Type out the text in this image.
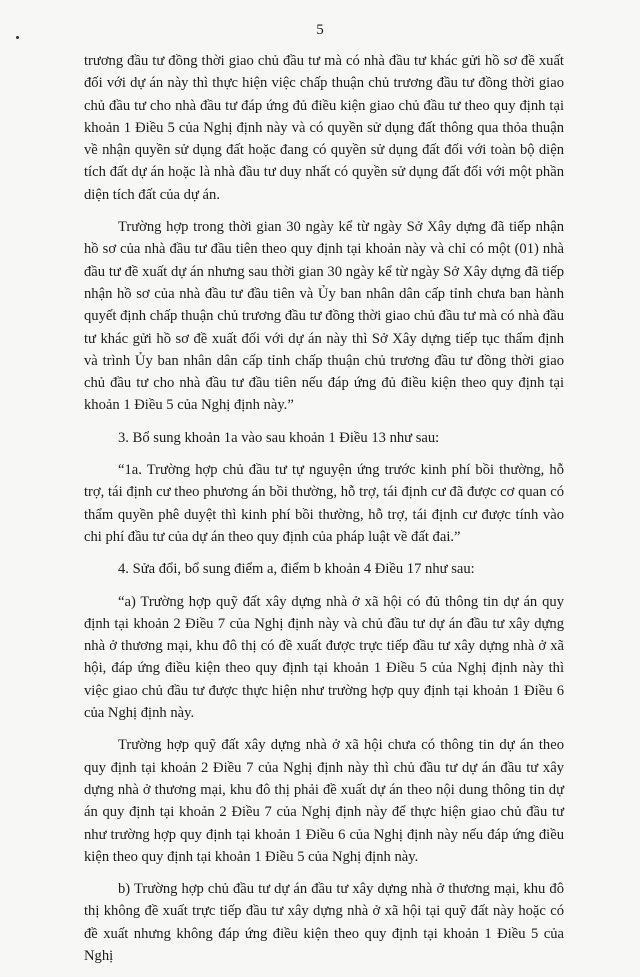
5

trương đầu tư đồng thời giao chủ đầu tư mà có nhà đầu tư khác gửi hồ sơ đề xuất đối với dự án này thì thực hiện việc chấp thuận chủ trương đầu tư đồng thời giao chủ đầu tư cho nhà đầu tư đáp ứng đủ điều kiện giao chủ đầu tư theo quy định tại khoản 1 Điều 5 của Nghị định này và có quyền sử dụng đất thông qua thỏa thuận về nhận quyền sử dụng đất hoặc đang có quyền sử dụng đất đối với toàn bộ diện tích đất dự án hoặc là nhà đầu tư duy nhất có quyền sử dụng đất đối với một phần diện tích đất của dự án.

Trường hợp trong thời gian 30 ngày kể từ ngày Sở Xây dựng đã tiếp nhận hồ sơ của nhà đầu tư đầu tiên theo quy định tại khoản này và chỉ có một (01) nhà đầu tư đề xuất dự án nhưng sau thời gian 30 ngày kể từ ngày Sở Xây dựng đã tiếp nhận hồ sơ của nhà đầu tư đầu tiên và Ủy ban nhân dân cấp tỉnh chưa ban hành quyết định chấp thuận chủ trương đầu tư đồng thời giao chủ đầu tư mà có nhà đầu tư khác gửi hồ sơ đề xuất đối với dự án này thì Sở Xây dựng tiếp tục thẩm định và trình Ủy ban nhân dân cấp tỉnh chấp thuận chủ trương đầu tư đồng thời giao chủ đầu tư cho nhà đầu tư đầu tiên nếu đáp ứng đủ điều kiện theo quy định tại khoản 1 Điều 5 của Nghị định này.”

3. Bổ sung khoản 1a vào sau khoản 1 Điều 13 như sau:

“1a. Trường hợp chủ đầu tư tự nguyện ứng trước kinh phí bồi thường, hỗ trợ, tái định cư theo phương án bồi thường, hỗ trợ, tái định cư đã được cơ quan có thẩm quyền phê duyệt thì kinh phí bồi thường, hỗ trợ, tái định cư được tính vào chi phí đầu tư của dự án theo quy định của pháp luật về đất đai.”

4. Sửa đổi, bổ sung điểm a, điểm b khoản 4 Điều 17 như sau:

“a) Trường hợp quỹ đất xây dựng nhà ở xã hội có đủ thông tin dự án quy định tại khoản 2 Điều 7 của Nghị định này và chủ đầu tư dự án đầu tư xây dựng nhà ở thương mại, khu đô thị có đề xuất được trực tiếp đầu tư xây dựng nhà ở xã hội, đáp ứng điều kiện theo quy định tại khoản 1 Điều 5 của Nghị định này thì việc giao chủ đầu tư được thực hiện như trường hợp quy định tại khoản 1 Điều 6 của Nghị định này.

Trường hợp quỹ đất xây dựng nhà ở xã hội chưa có thông tin dự án theo quy định tại khoản 2 Điều 7 của Nghị định này thì chủ đầu tư dự án đầu tư xây dựng nhà ở thương mại, khu đô thị phải đề xuất dự án theo nội dung thông tin dự án quy định tại khoản 2 Điều 7 của Nghị định này để thực hiện giao chủ đầu tư như trường hợp quy định tại khoản 1 Điều 6 của Nghị định này nếu đáp ứng điều kiện theo quy định tại khoản 1 Điều 5 của Nghị định này.

b) Trường hợp chủ đầu tư dự án đầu tư xây dựng nhà ở thương mại, khu đô thị không đề xuất trực tiếp đầu tư xây dựng nhà ở xã hội tại quỹ đất này hoặc có đề xuất nhưng không đáp ứng điều kiện theo quy định tại khoản 1 Điều 5 của Nghị
